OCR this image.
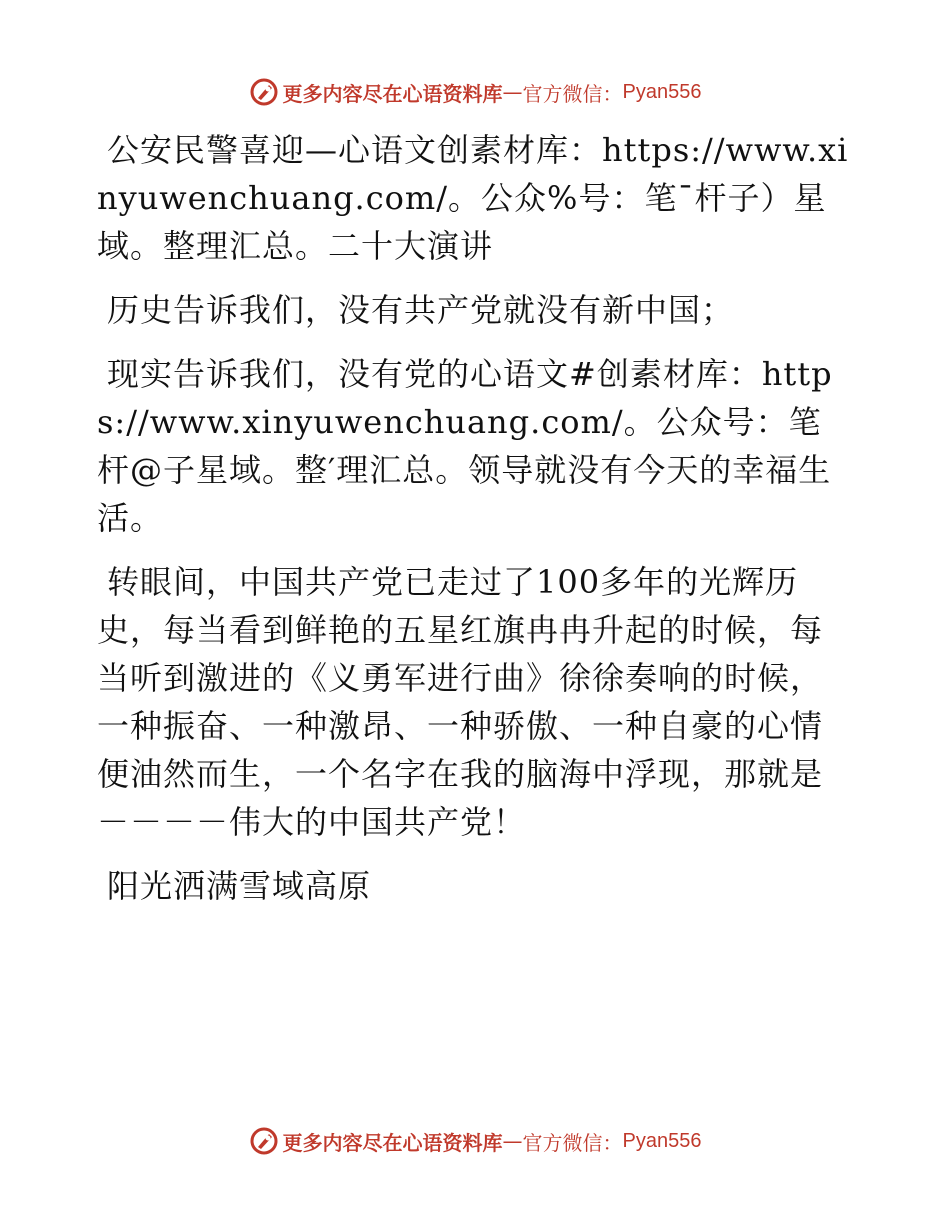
更多内容尽在心语资料库 — 官方微信： Pyan556

公安民警喜迎—心语文创素材库：https://www.xinyuwenchuang.com/。公众%号：笔¯杆子）星域。整理汇总。二十大演讲

历史告诉我们，没有共产党就没有新中国；

现实告诉我们，没有党的心语文#创素材库：https://www.xinyuwenchuang.com/。公众号：笔杆@子星域。整′理汇总。领导就没有今天的幸福生活。

转眼间，中国共产党已走过了100多年的光辉历史，每当看到鲜艳的五星红旗冉冉升起的时候，每当听到激进的《义勇军进行曲》徐徐奏响的时候，一种振奋、一种激昂、一种骄傲、一种自豪的心情便油然而生，一个名字在我的脑海中浮现，那就是－－－－伟大的中国共产党！

阳光洒满雪域高原

更多内容尽在心语资料库 — 官方微信： Pyan556
